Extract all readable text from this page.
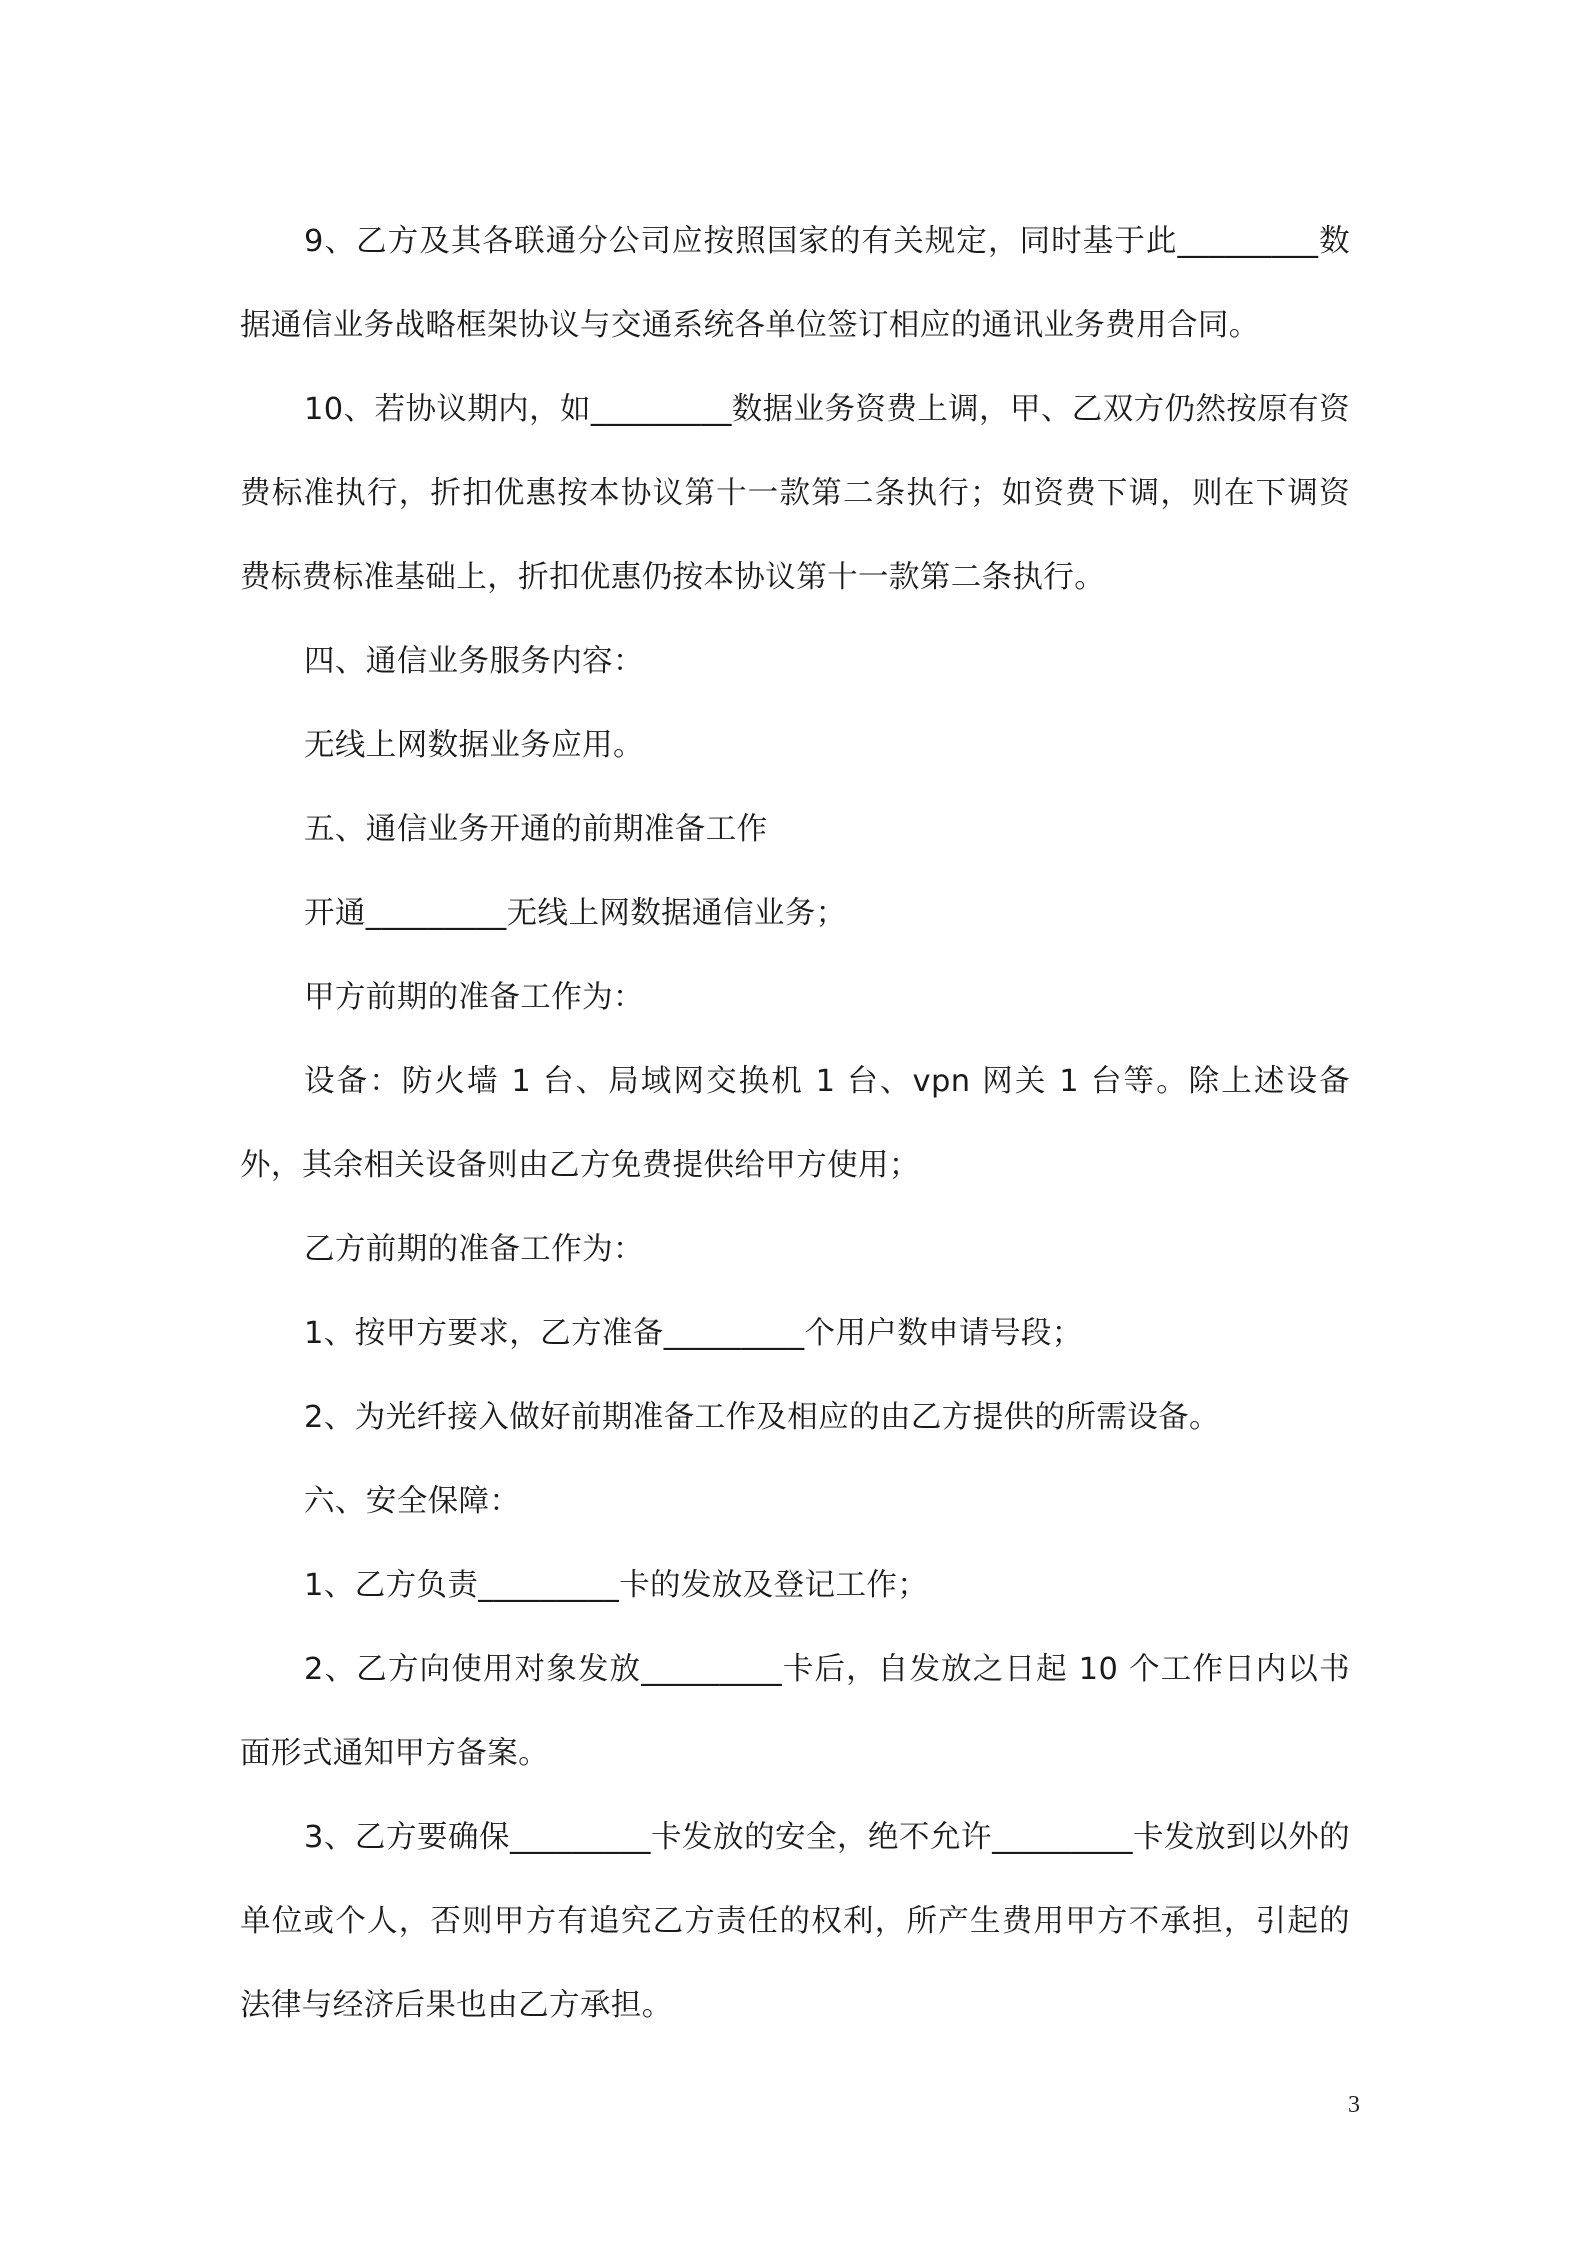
9、乙方及其各联通分公司应按照国家的有关规定，同时基于此_________数据通信业务战略框架协议与交通系统各单位签订相应的通讯业务费用合同。

10、若协议期内，如_________数据业务资费上调，甲、乙双方仍然按原有资费标准执行，折扣优惠按本协议第十一款第二条执行；如资费下调，则在下调资费标费标准基础上，折扣优惠仍按本协议第十一款第二条执行。

四、通信业务服务内容：

无线上网数据业务应用。

五、通信业务开通的前期准备工作

开通_________无线上网数据通信业务；

甲方前期的准备工作为：

设备：防火墙 1 台、局域网交换机 1 台、vpn 网关 1 台等。除上述设备外，其余相关设备则由乙方免费提供给甲方使用；

乙方前期的准备工作为：

1、按甲方要求，乙方准备_________个用户数申请号段；

2、为光纤接入做好前期准备工作及相应的由乙方提供的所需设备。

六、安全保障：

1、乙方负责_________卡的发放及登记工作；

2、乙方向使用对象发放_________卡后，自发放之日起 10 个工作日内以书面形式通知甲方备案。

3、乙方要确保_________卡发放的安全，绝不允许_________卡发放到以外的单位或个人，否则甲方有追究乙方责任的权利，所产生费用甲方不承担，引起的法律与经济后果也由乙方承担。

3
